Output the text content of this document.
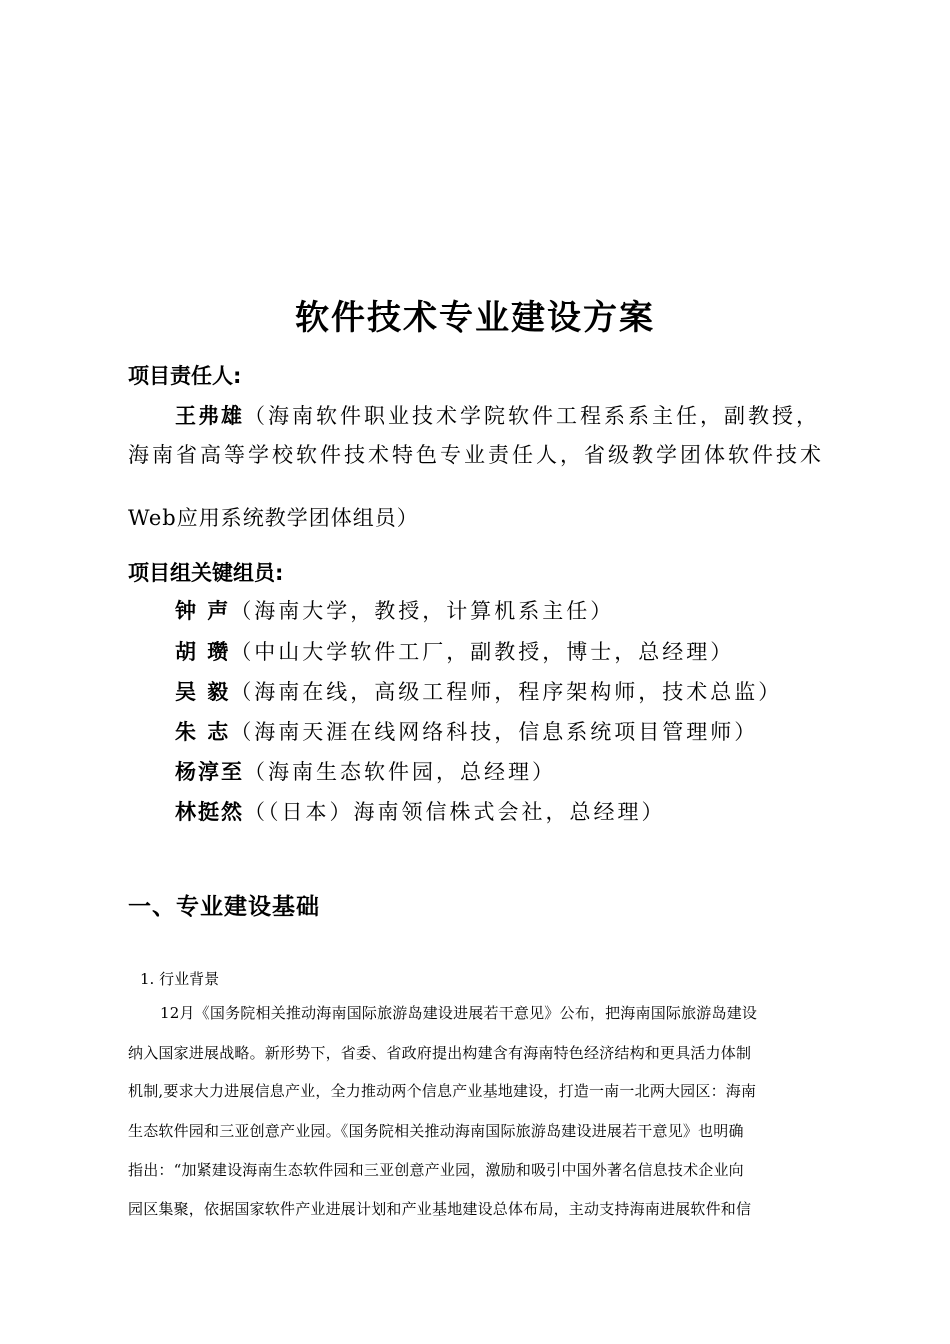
软件技术专业建设方案
项目责任人:
王弗雄（海南软件职业技术学院软件工程系系主任，副教授，
海南省高等学校软件技术特色专业责任人，省级教学团体软件技术
Web应用系统教学团体组员）
项目组关键组员:
钟 声（海南大学，教授，计算机系主任）
胡 瓒（中山大学软件工厂，副教授，博士，总经理）
吴 毅（海南在线，高级工程师，程序架构师，技术总监）
朱 志（海南天涯在线网络科技，信息系统项目管理师）
杨淳至（海南生态软件园，总经理）
林挺然（（日本）海南领信株式会社，总经理）
一、专业建设基础
1. 行业背景
12月《国务院相关推动海南国际旅游岛建设进展若干意见》公布，把海南国际旅游岛建设
纳入国家进展战略。新形势下，省委、省政府提出构建含有海南特色经济结构和更具活力体制
机制,要求大力进展信息产业，全力推动两个信息产业基地建设，打造一南一北两大园区：海南
生态软件园和三亚创意产业园。《国务院相关推动海南国际旅游岛建设进展若干意见》也明确
指出：“加紧建设海南生态软件园和三亚创意产业园，激励和吸引中国外著名信息技术企业向
园区集聚，依据国家软件产业进展计划和产业基地建设总体布局，主动支持海南进展软件和信
